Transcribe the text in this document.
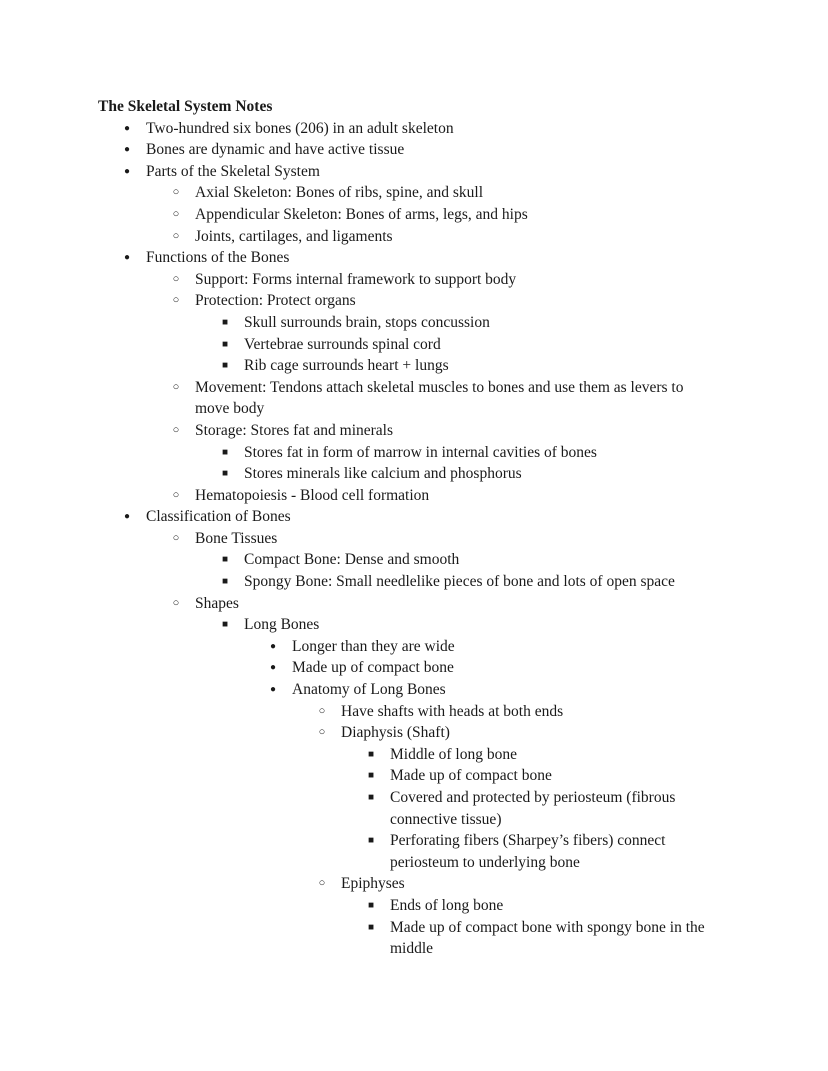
The Skeletal System Notes

●
Two-hundred six bones (206) in an adult skeleton
●
Bones are dynamic and have active tissue
●
Parts of the Skeletal System
○
Axial Skeleton: Bones of ribs, spine, and skull
○
Appendicular Skeleton: Bones of arms, legs, and hips
○
Joints, cartilages, and ligaments
●
Functions of the Bones
○
Support: Forms internal framework to support body
○
Protection: Protect organs
■
Skull surrounds brain, stops concussion
■
Vertebrae surrounds spinal cord
■
Rib cage surrounds heart + lungs
○
Movement: Tendons attach skeletal muscles to bones and use them as levers to move body
○
Storage: Stores fat and minerals
■
Stores fat in form of marrow in internal cavities of bones
■
Stores minerals like calcium and phosphorus
○
Hematopoiesis - Blood cell formation
●
Classification of Bones
○
Bone Tissues
■
Compact Bone: Dense and smooth
■
Spongy Bone: Small needlelike pieces of bone and lots of open space
○
Shapes
■
Long Bones
●
Longer than they are wide
●
Made up of compact bone
●
Anatomy of Long Bones
○
Have shafts with heads at both ends
○
Diaphysis (Shaft)
■
Middle of long bone
■
Made up of compact bone
■
Covered and protected by periosteum (fibrous connective tissue)
■
Perforating fibers (Sharpey’s fibers) connect periosteum to underlying bone
○
Epiphyses
■
Ends of long bone
■
Made up of compact bone with spongy bone in the middle
